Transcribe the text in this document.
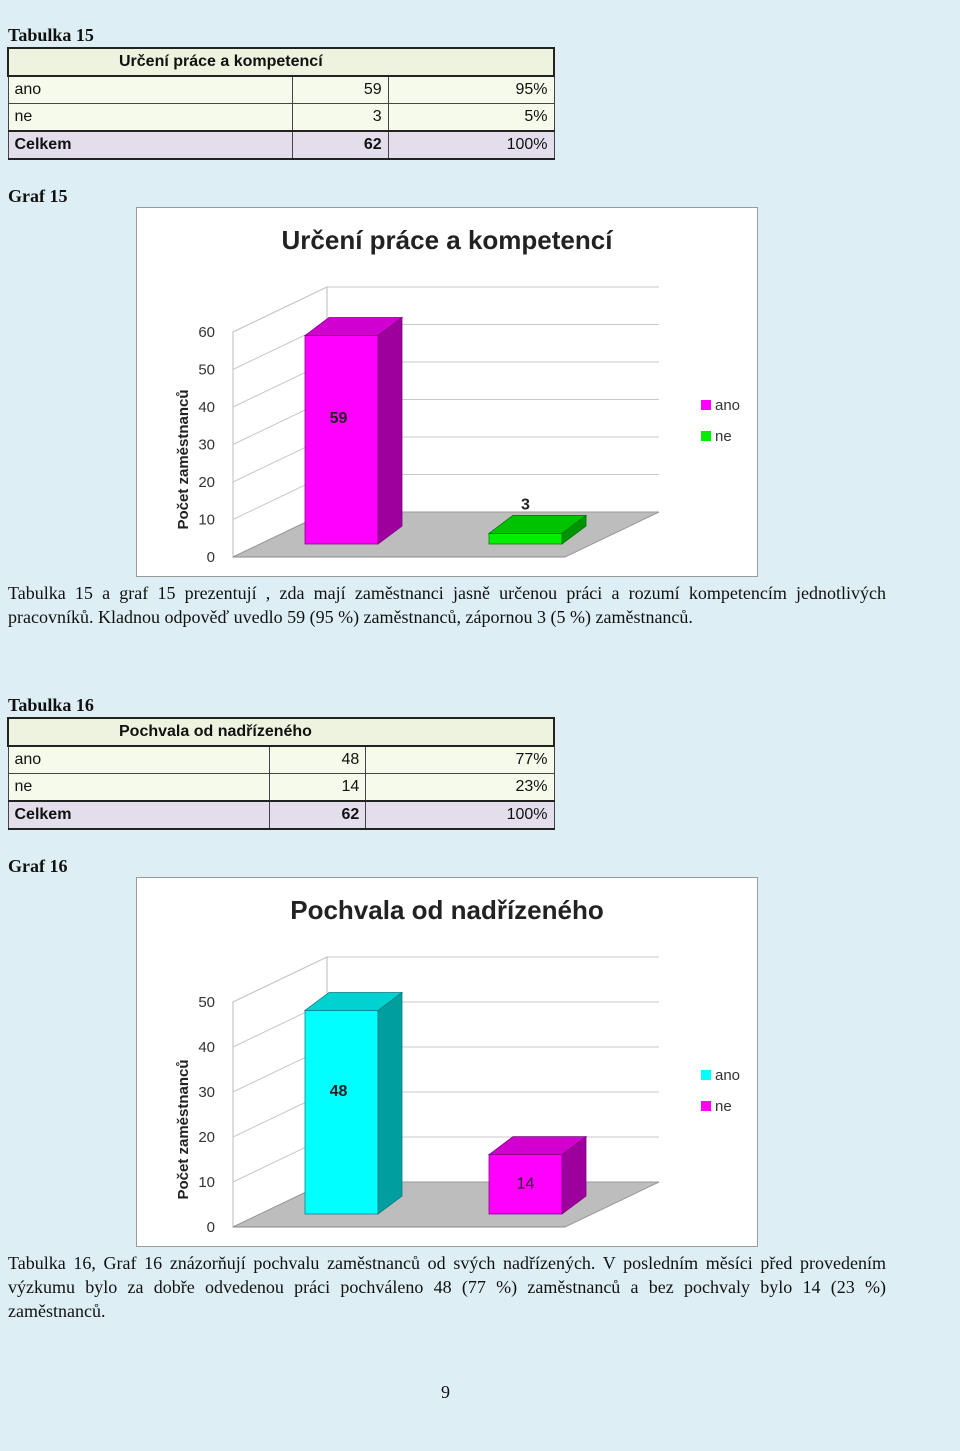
Tabulka 15
Určení práce a kompetencí		
ano	59	95%
ne	3	5%
Celkem	62	100%
Graf 15
Určení práce a kompetencí
0
10
20
30
40
50
60
Počet zaměstnanců	59
3
ano
ne
Tabulka 15 a graf 15 prezentují , zda mají zaměstnanci jasně určenou práci a rozumí kompetencím jednotlivých pracovníků. Kladnou odpověď uvedlo 59 (95 %) zaměstnanců, zápornou 3 (5 %) zaměstnanců.
Tabulka 16
Pochvala od nadřízeného		
ano	48	77%
ne	14	23%
Celkem	62	100%
Graf 16
Pochvala od nadřízeného
0
10
20
30
40
50
Počet zaměstnanců	48
14
ano
ne
Tabulka 16, Graf 16 znázorňují pochvalu zaměstnanců od svých nadřízených. V posledním měsíci před provedením výzkumu bylo za dobře odvedenou práci pochváleno 48 (77 %) zaměstnanců a bez pochvaly bylo 14 (23 %) zaměstnanců.
9
